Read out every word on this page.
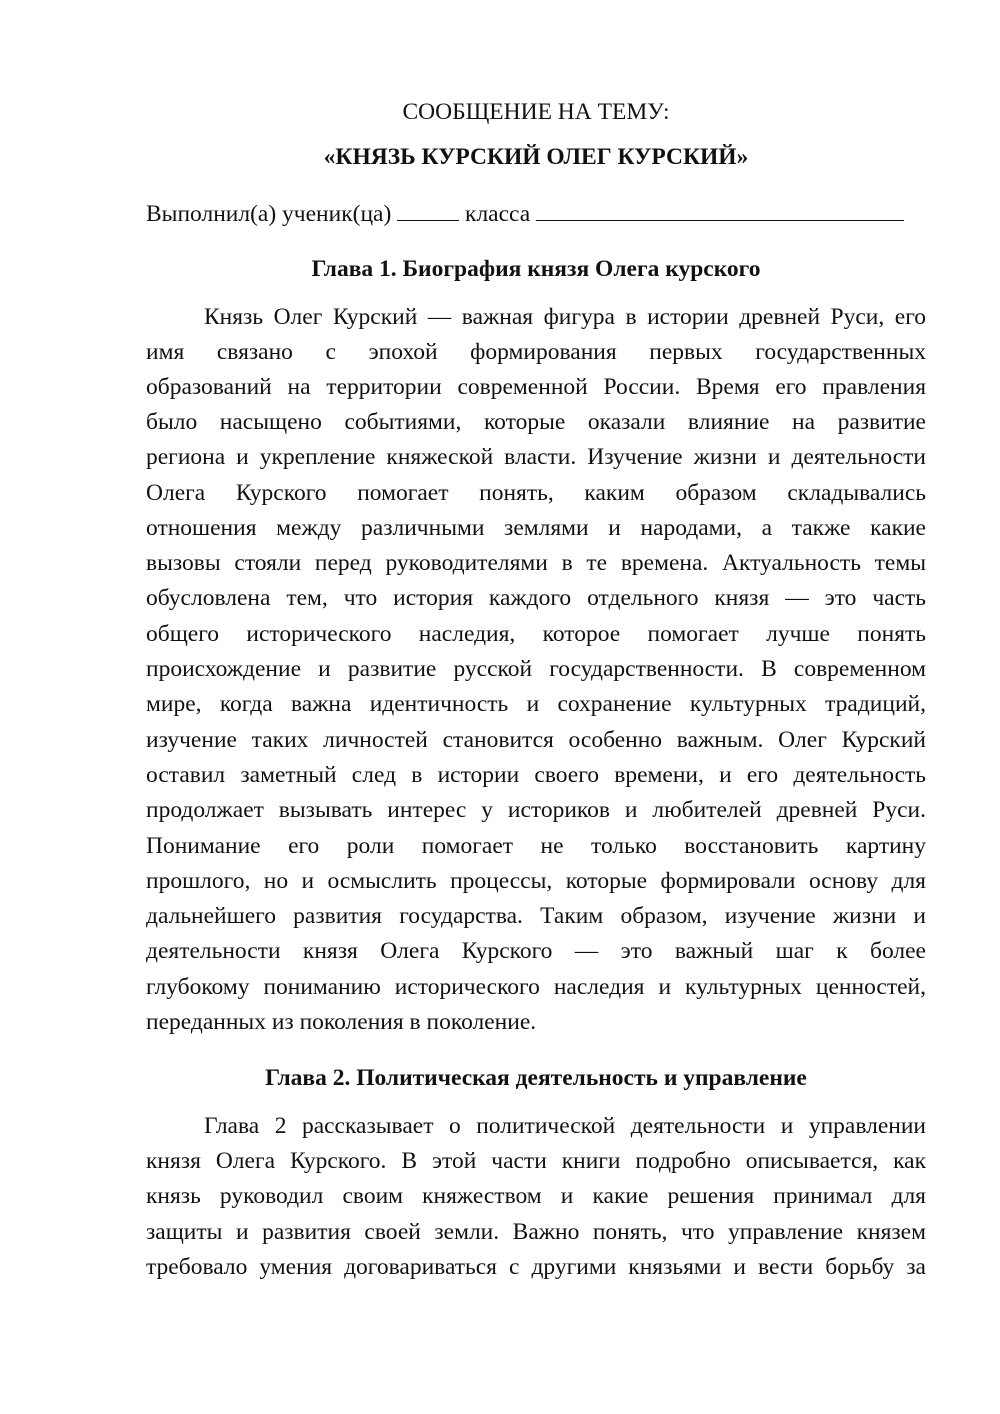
СООБЩЕНИЕ НА ТЕМУ:
«КНЯЗЬ КУРСКИЙ ОЛЕГ КУРСКИЙ»
Выполнил(а) ученик(ца)	класса
Глава 1. Биография князя Олега курского
Князь Олег Курский — важная фигура в истории древней Руси, его
имя связано с эпохой формирования первых государственных
образований на территории современной России. Время его правления
было насыщено событиями, которые оказали влияние на развитие
региона и укрепление княжеской власти. Изучение жизни и деятельности
Олега Курского помогает понять, каким образом складывались
отношения между различными землями и народами, а также какие
вызовы стояли перед руководителями в те времена. Актуальность темы
обусловлена тем, что история каждого отдельного князя — это часть
общего исторического наследия, которое помогает лучше понять
происхождение и развитие русской государственности. В современном
мире, когда важна идентичность и сохранение культурных традиций,
изучение таких личностей становится особенно важным. Олег Курский
оставил заметный след в истории своего времени, и его деятельность
продолжает вызывать интерес у историков и любителей древней Руси.
Понимание его роли помогает не только восстановить картину
прошлого, но и осмыслить процессы, которые формировали основу для
дальнейшего развития государства. Таким образом, изучение жизни и
деятельности князя Олега Курского — это важный шаг к более
глубокому пониманию исторического наследия и культурных ценностей,
переданных из поколения в поколение.
Глава 2. Политическая деятельность и управление
Глава 2 рассказывает о политической деятельности и управлении
князя Олега Курского. В этой части книги подробно описывается, как
князь руководил своим княжеством и какие решения принимал для
защиты и развития своей земли. Важно понять, что управление князем
требовало умения договариваться с другими князьями и вести борьбу за
